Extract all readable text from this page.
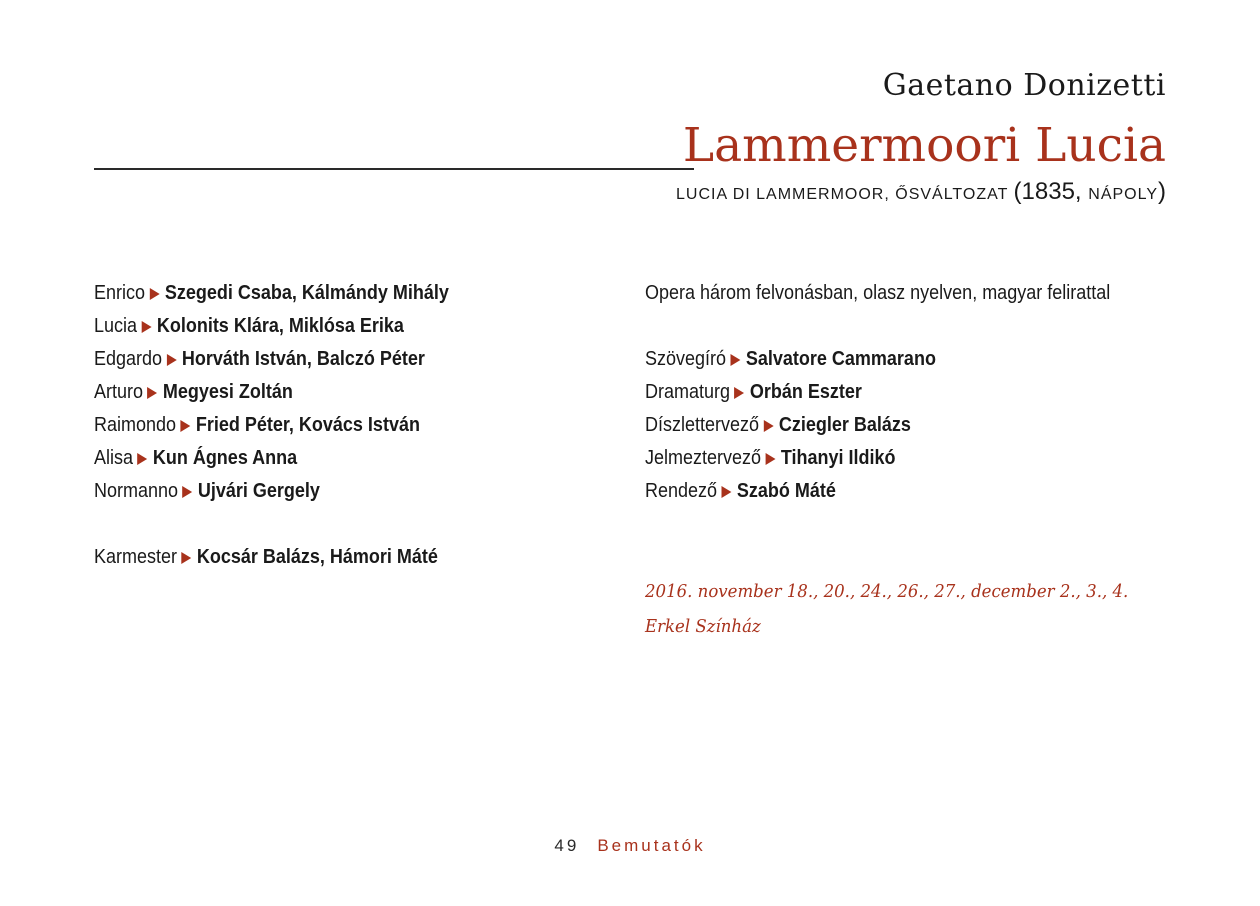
Gaetano Donizetti
Lammermoori Lucia
LUCIA DI LAMMERMOOR, ŐSVÁLTOZAT (1835, NÁPOLY)
Enrico Szegedi Csaba, Kálmándy Mihály
Lucia Kolonits Klára, Miklósa Erika
Edgardo Horváth István, Balczó Péter
Arturo Megyesi Zoltán
Raimondo Fried Péter, Kovács István
Alisa Kun Ágnes Anna
Normanno Ujvári Gergely
Karmester Kocsár Balázs, Hámori Máté
Opera három felvonásban, olasz nyelven, magyar felirattal
Szövegíró Salvatore Cammarano
Dramaturg Orbán Eszter
Díszlettervező Cziegler Balázs
Jelmeztervező Tihanyi Ildikó
Rendező Szabó Máté
2016. november 18., 20., 24., 26., 27., december 2., 3., 4.
Erkel Színház
49 Bemutatók
